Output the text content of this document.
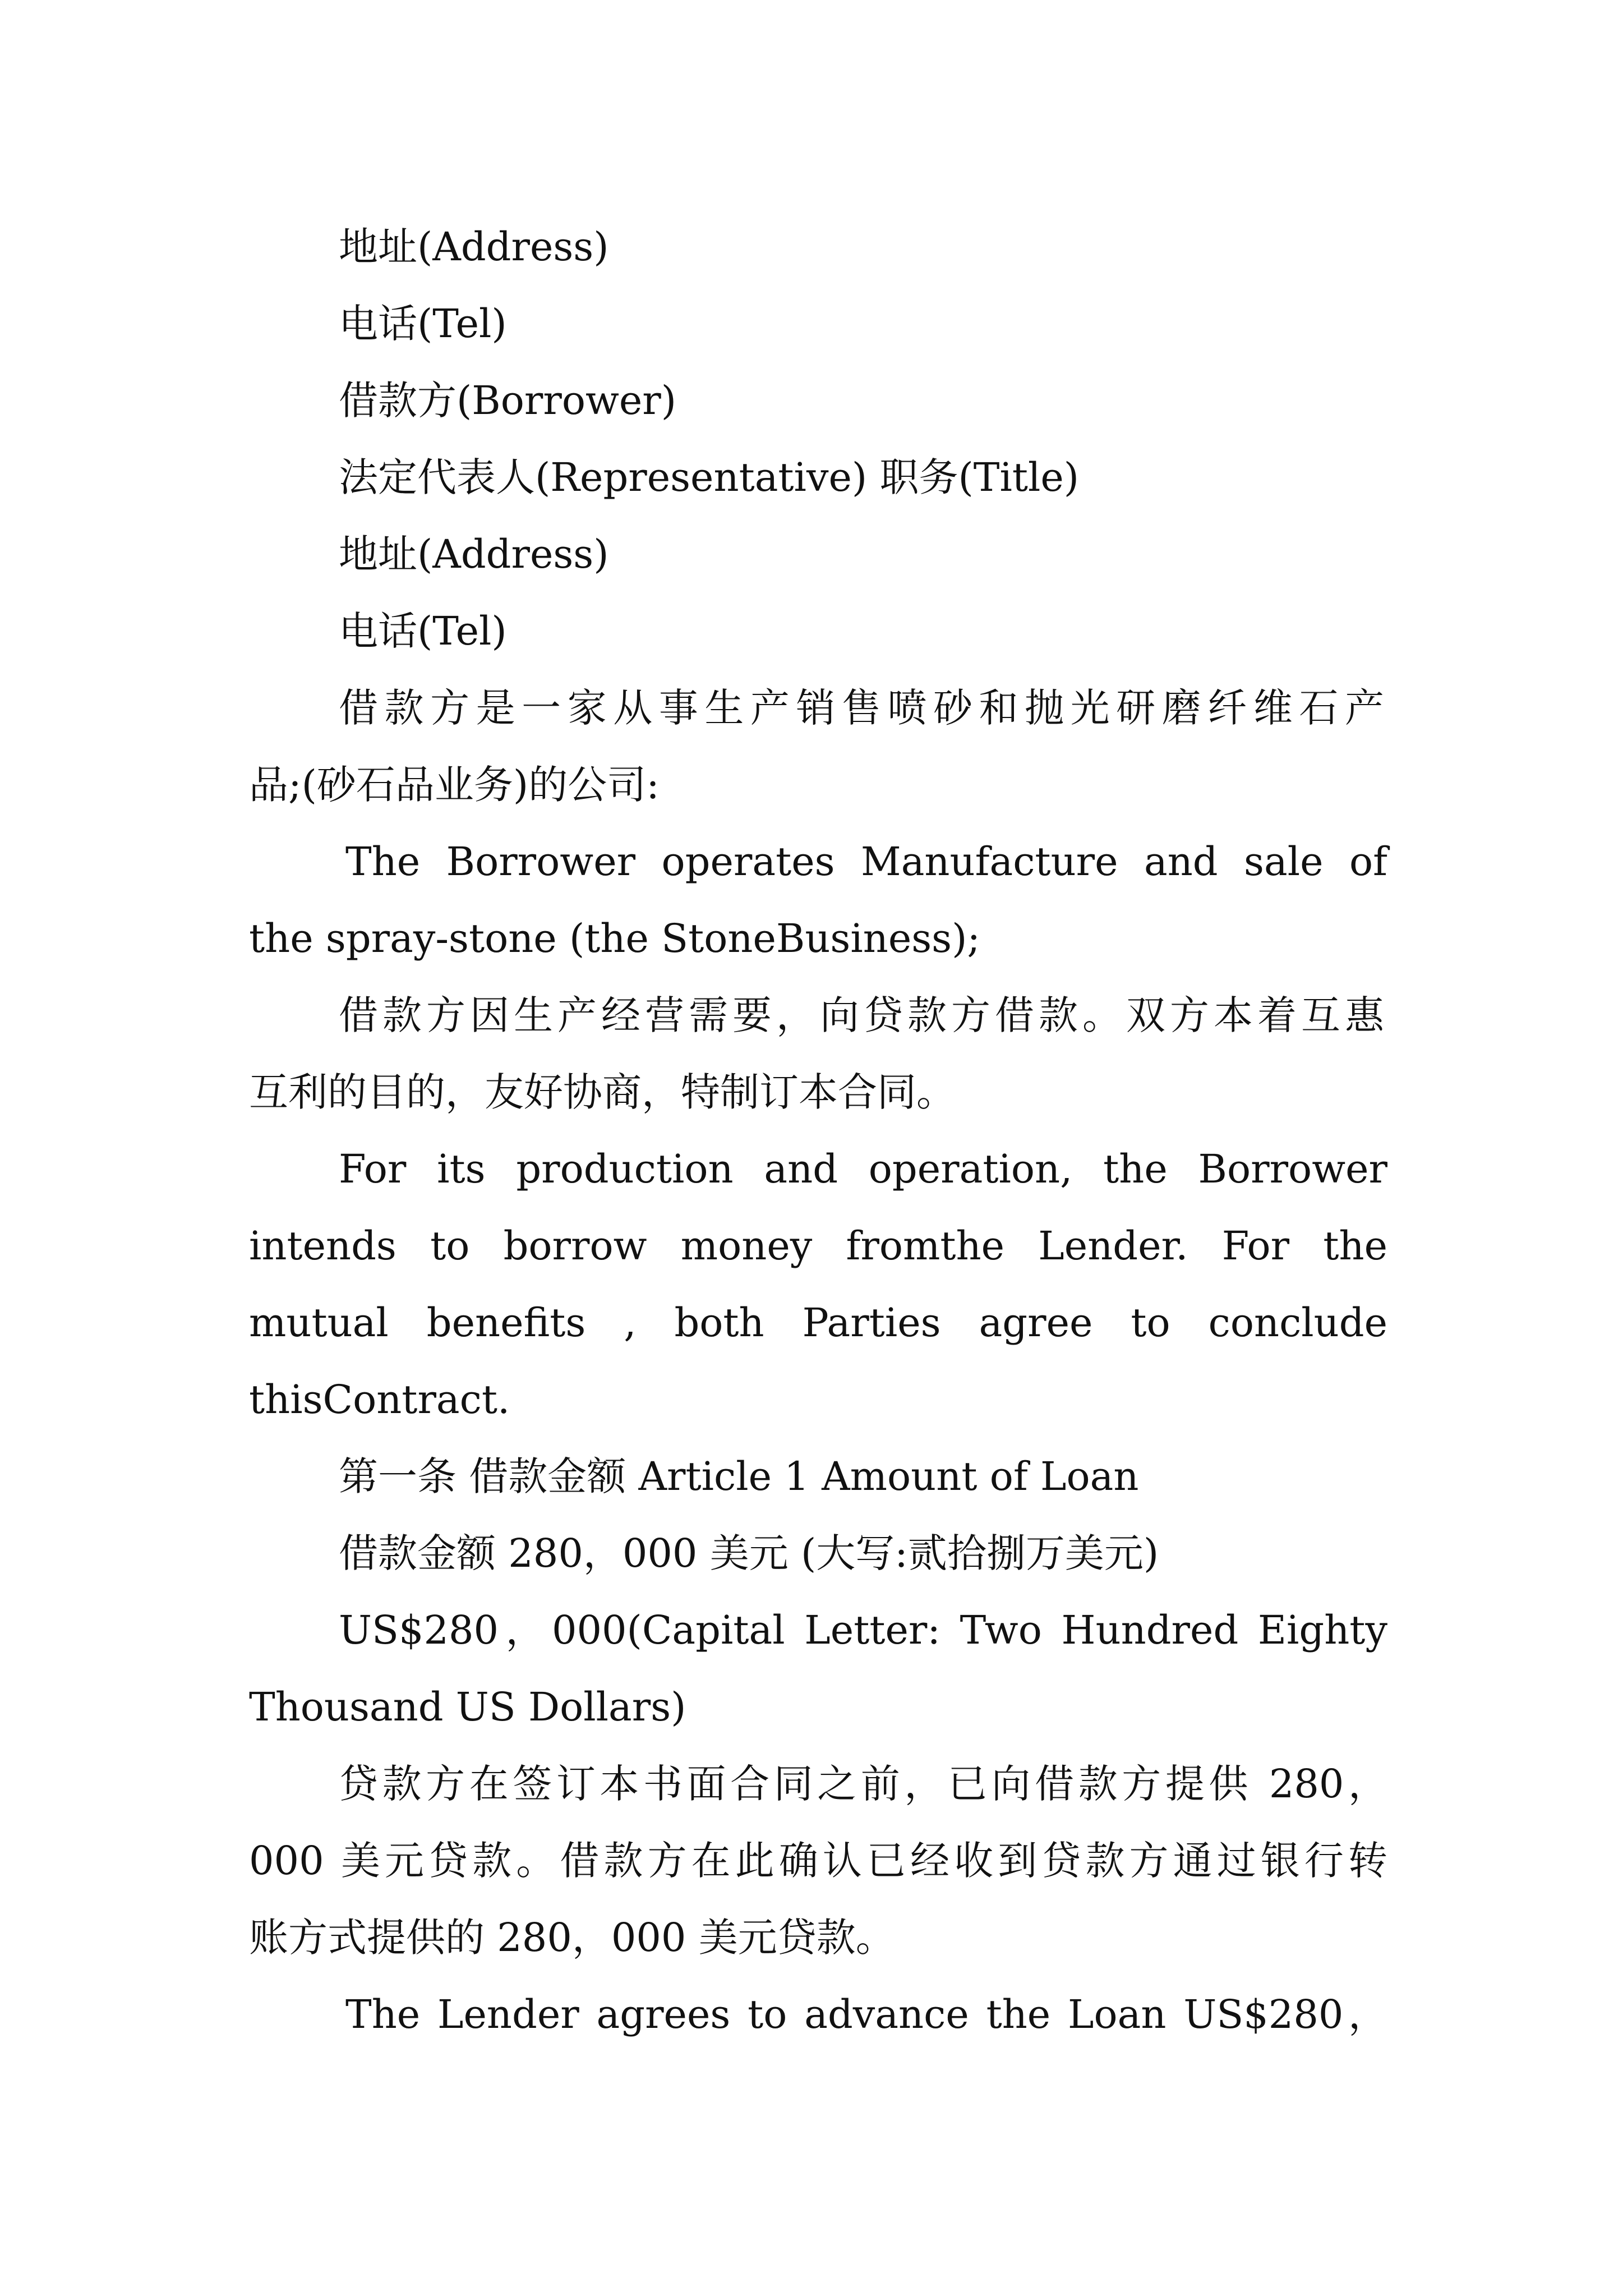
地址(Address)

电话(Tel)

借款方(Borrower)

法定代表人(Representative) 职务(Title)

地址(Address)

电话(Tel)

借款方是一家从事生产销售喷砂和抛光研磨纤维石产

品;(砂石品业务)的公司:

The Borrower operates Manufacture and sale of

the spray-stone (the StoneBusiness);

借款方因生产经营需要，向贷款方借款。双方本着互惠

互利的目的，友好协商，特制订本合同。

For its production and operation, the Borrower

intends to borrow money fromthe Lender. For the

mutual benefits , both Parties agree to conclude

thisContract.

第一条 借款金额 Article 1 Amount of Loan

借款金额 280，000 美元 (大写:贰拾捌万美元)

US$280，000(Capital Letter: Two Hundred Eighty

Thousand US Dollars)

贷款方在签订本书面合同之前，已向借款方提供 280，

000 美元贷款。借款方在此确认已经收到贷款方通过银行转

账方式提供的 280，000 美元贷款。

The Lender agrees to advance the Loan US$280，
